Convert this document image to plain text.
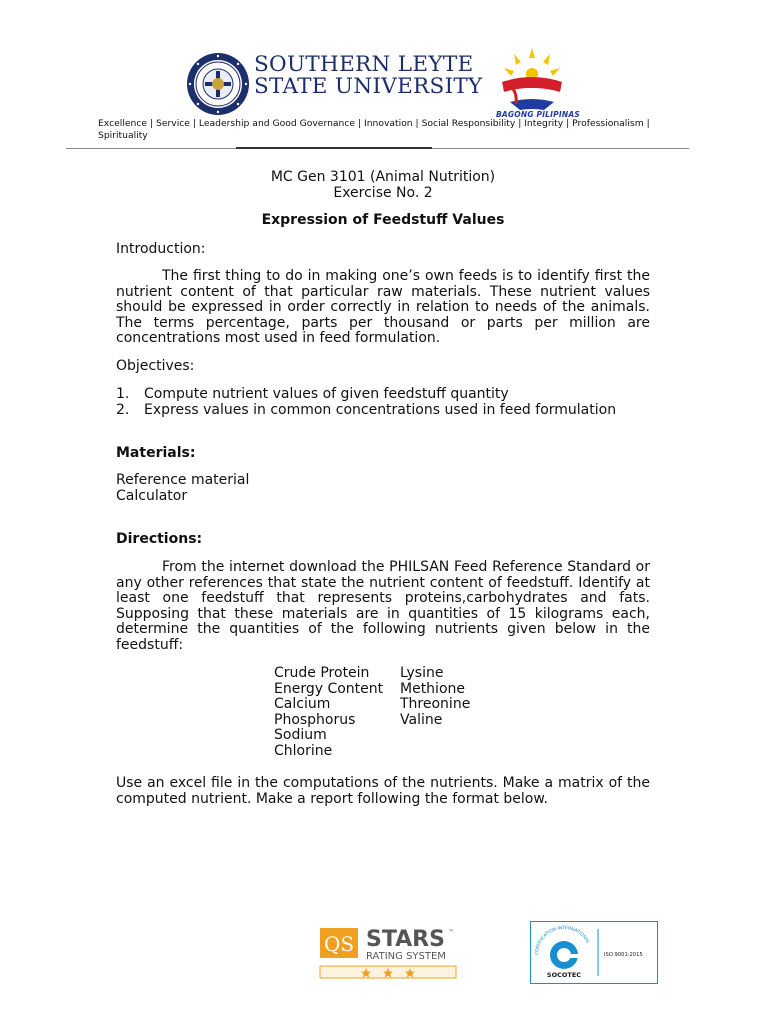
SOUTHERN LEYTE
STATE UNIVERSITY
BAGONG PILIPINAS
Excellence | Service | Leadership and Good Governance | Innovation | Social Responsibility | Integrity | Professionalism | Spirituality
MC Gen 3101 (Animal Nutrition)
Exercise No. 2
Expression of Feedstuff Values
Introduction:
The first thing to do in making one’s own feeds is to identify first the nutrient content of that particular raw materials. These nutrient values should be expressed in order correctly in relation to needs of the animals. The terms percentage, parts per thousand or parts per million are concentrations most used in feed formulation.
Objectives:
1. Compute nutrient values of given feedstuff quantity
2. Express values in common concentrations used in feed formulation
Materials:
Reference material
Calculator
Directions:
From the internet download the PHILSAN Feed Reference Standard or any other references that state the nutrient content of feedstuff. Identify at least one feedstuff that represents proteins,carbohydrates and fats. Supposing that these materials are in quantities of 15 kilograms each, determine the quantities of the following nutrients given below in the feedstuff:
Crude Protein
Energy Content
Calcium
Phosphorus
Sodium
Chlorine
Lysine
Methione
Threonine
Valine
Use an excel file in the computations of the nutrients. Make a matrix of the computed nutrient. Make a report following the format below.
QS STARS ™
RATING SYSTEM	CERTIFICATION INTERNATIONAL
SOCOTEC
ISO 9001:2015
